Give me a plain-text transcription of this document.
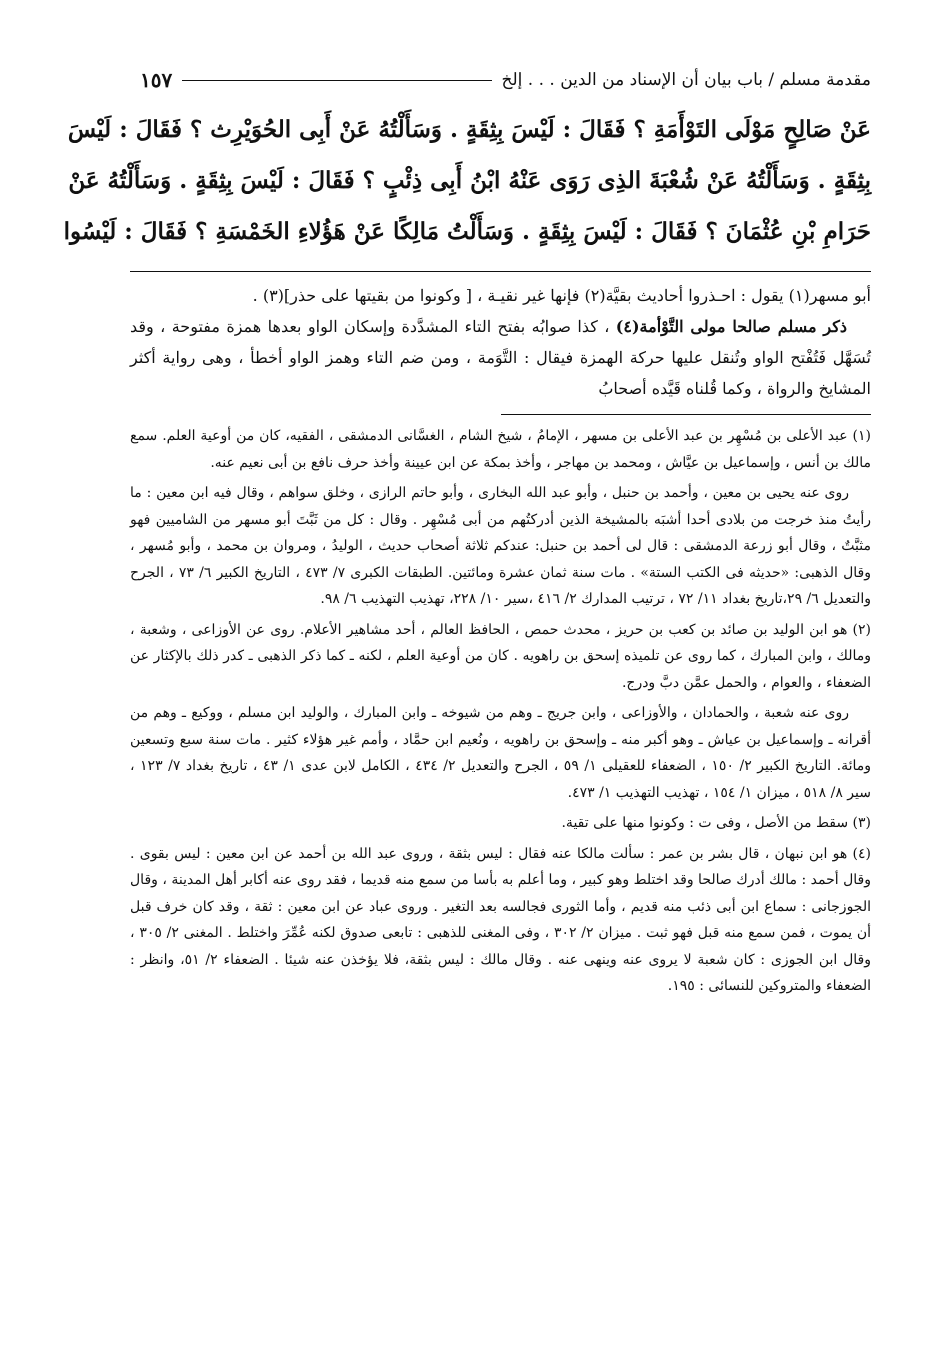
مقدمة مسلم / باب بيان أن الإسناد من الدين . . . إلخ
١٥٧
عَنْ صَالِحٍ مَوْلَى التَوْأَمَةِ ؟ فَقَالَ : لَيْسَ بِثِقَةٍ . وَسَأَلْتُهُ عَنْ أَبِى الحُوَيْرِث ؟ فَقَالَ : لَيْسَ
بِثِقَةٍ . وَسَأَلْتُهُ عَنْ شُعْبَةَ الذِى رَوَى عَنْهُ ابْنُ أَبِى ذِئْبٍ ؟ فَقَالَ : لَيْسَ بِثِقَةٍ . وَسَأَلْتُهُ عَنْ
حَرَامِ بْنِ عُثْمَانَ ؟ فَقَالَ : لَيْسَ بِثِقَةٍ . وَسَأَلْتُ مَالِكًا عَنْ هَؤُلاءِ الخَمْسَةِ ؟ فَقَالَ : لَيْسُوا

أبو مسهر(١) يقول : احـذروا أحاديث بقيَّة(٢) فإنها غير نقيـة ، [ وكونوا من بقيتها على حذر](٣) .

ذكر مسلم صالحا مولى التَّوْأمة(٤) ، كذا صوابُه بفتح التاء المشدَّدة وإسكان الواو بعدها همزة مفتوحة ، وقد تُسَهَّل فَتُفْتح الواو وتُنقل عليها حركة الهمزة فيقال : التَّوَمة ، ومن ضم التاء وهمز الواو أخطأ ، وهى رواية أكثر المشايخ والرواة ، وكما قُلناه قَيَّده أصحابُ

(١) عبد الأعلى بن مُسْهِر بن عبد الأعلى بن مسهر ، الإمامُ ، شيخ الشام ، الغسَّانى الدمشقى ، الفقيه، كان من أوعية العلم. سمع مالك بن أنس ، وإسماعيل بن عيَّاش ، ومحمد بن مهاجر ، وأخذ بمكة عن ابن عيينة وأخذ حرف نافع بن أبى نعيم عنه.

روى عنه يحيى بن معين ، وأحمد بن حنبل ، وأبو عبد الله البخارى ، وأبو حاتم الرازى ، وخلق سواهم ، وقال فيه ابن معين : ما رأيتُ منذ خرجت من بلادى أحدا أشبَه بالمشيخة الذين أدركتُهم من أبى مُسْهِر . وقال : كل من ثَبَّتَ أبو مسهر من الشاميين فهو مثبَّتٌ ، وقال أبو زرعة الدمشقى : قال لى أحمد بن حنبل: عندكم ثلاثة أصحاب حديث ، الوليدُ ، ومروان بن محمد ، وأبو مُسهر ، وقال الذهبى: «حديثه فى الكتب الستة» . مات سنة ثمان عشرة ومائتين. الطبقات الكبرى ٧/ ٤٧٣ ، التاريخ الكبير ٦/ ٧٣ ، الجرح والتعديل ٦/ ٢٩،تاريخ بغداد ١١/ ٧٢ ، ترتيب المدارك ٢/ ٤١٦ ،سير ١٠/ ٢٢٨، تهذيب التهذيب ٦/ ٩٨.

(٢) هو ابن الوليد بن صائد بن كعب بن حريز ، محدث حمص ، الحافظ العالم ، أحد مشاهير الأعلام. روى عن الأوزاعى ، وشعبة ، ومالك ، وابن المبارك ، كما روى عن تلميذه إسحق بن راهويه . كان من أوعية العلم ، لكنه ـ كما ذكر الذهبى ـ كدر ذلك بالإكثار عن الضعفاء ، والعوام ، والحمل عمَّن دبَّ ودرج.

روى عنه شعبة ، والحمادان ، والأوزاعى ، وابن جريج ـ وهم من شيوخه ـ وابن المبارك ، والوليد ابن مسلم ، ووكيع ـ وهم من أقرانه ـ وإسماعيل بن عياش ـ وهو أكبر منه ـ وإسحق بن راهويه ، ونُعيم ابن حمَّاد ، وأمم غير هؤلاء كثير . مات سنة سبع وتسعين ومائة. التاريخ الكبير ٢/ ١٥٠ ، الضعفاء للعقيلى ١/ ٥٩ ، الجرح والتعديل ٢/ ٤٣٤ ، الكامل لابن عدى ١/ ٤٣ ، تاريخ بغداد ٧/ ١٢٣ ، سير ٨/ ٥١٨ ، ميزان ١/ ١٥٤ ، تهذيب التهذيب ١/ ٤٧٣.

(٣) سقط من الأصل ، وفى ت : وكونوا منها على تقية.

(٤) هو ابن نبهان ، قال بشر بن عمر : سألت مالكا عنه فقال : ليس بثقة ، وروى عبد الله بن أحمد عن ابن معين : ليس بقوى . وقال أحمد : مالك أدرك صالحا وقد اختلط وهو كبير ، وما أعلم به بأسا من سمع منه قديما ، فقد روى عنه أكابر أهل المدينة ، وقال الجوزجانى : سماع ابن أبى ذئب منه قديم ، وأما الثورى فجالسه بعد التغير . وروى عباد عن ابن معين : ثقة ، وقد كان خرف قبل أن يموت ، فمن سمع منه قبل فهو ثبت . ميزان ٢/ ٣٠٢ ، وفى المغنى للذهبى : تابعى صدوق لكنه عُمِّرَ واختلط . المغنى ٢/ ٣٠٥ ، وقال ابن الجوزى : كان شعبة لا يروى عنه وينهى عنه . وقال مالك : ليس بثقة، فلا يؤخذن عنه شيئا . الضعفاء ٢/ ٥١، وانظر : الضعفاء والمتروكين للنسائى : ١٩٥.
